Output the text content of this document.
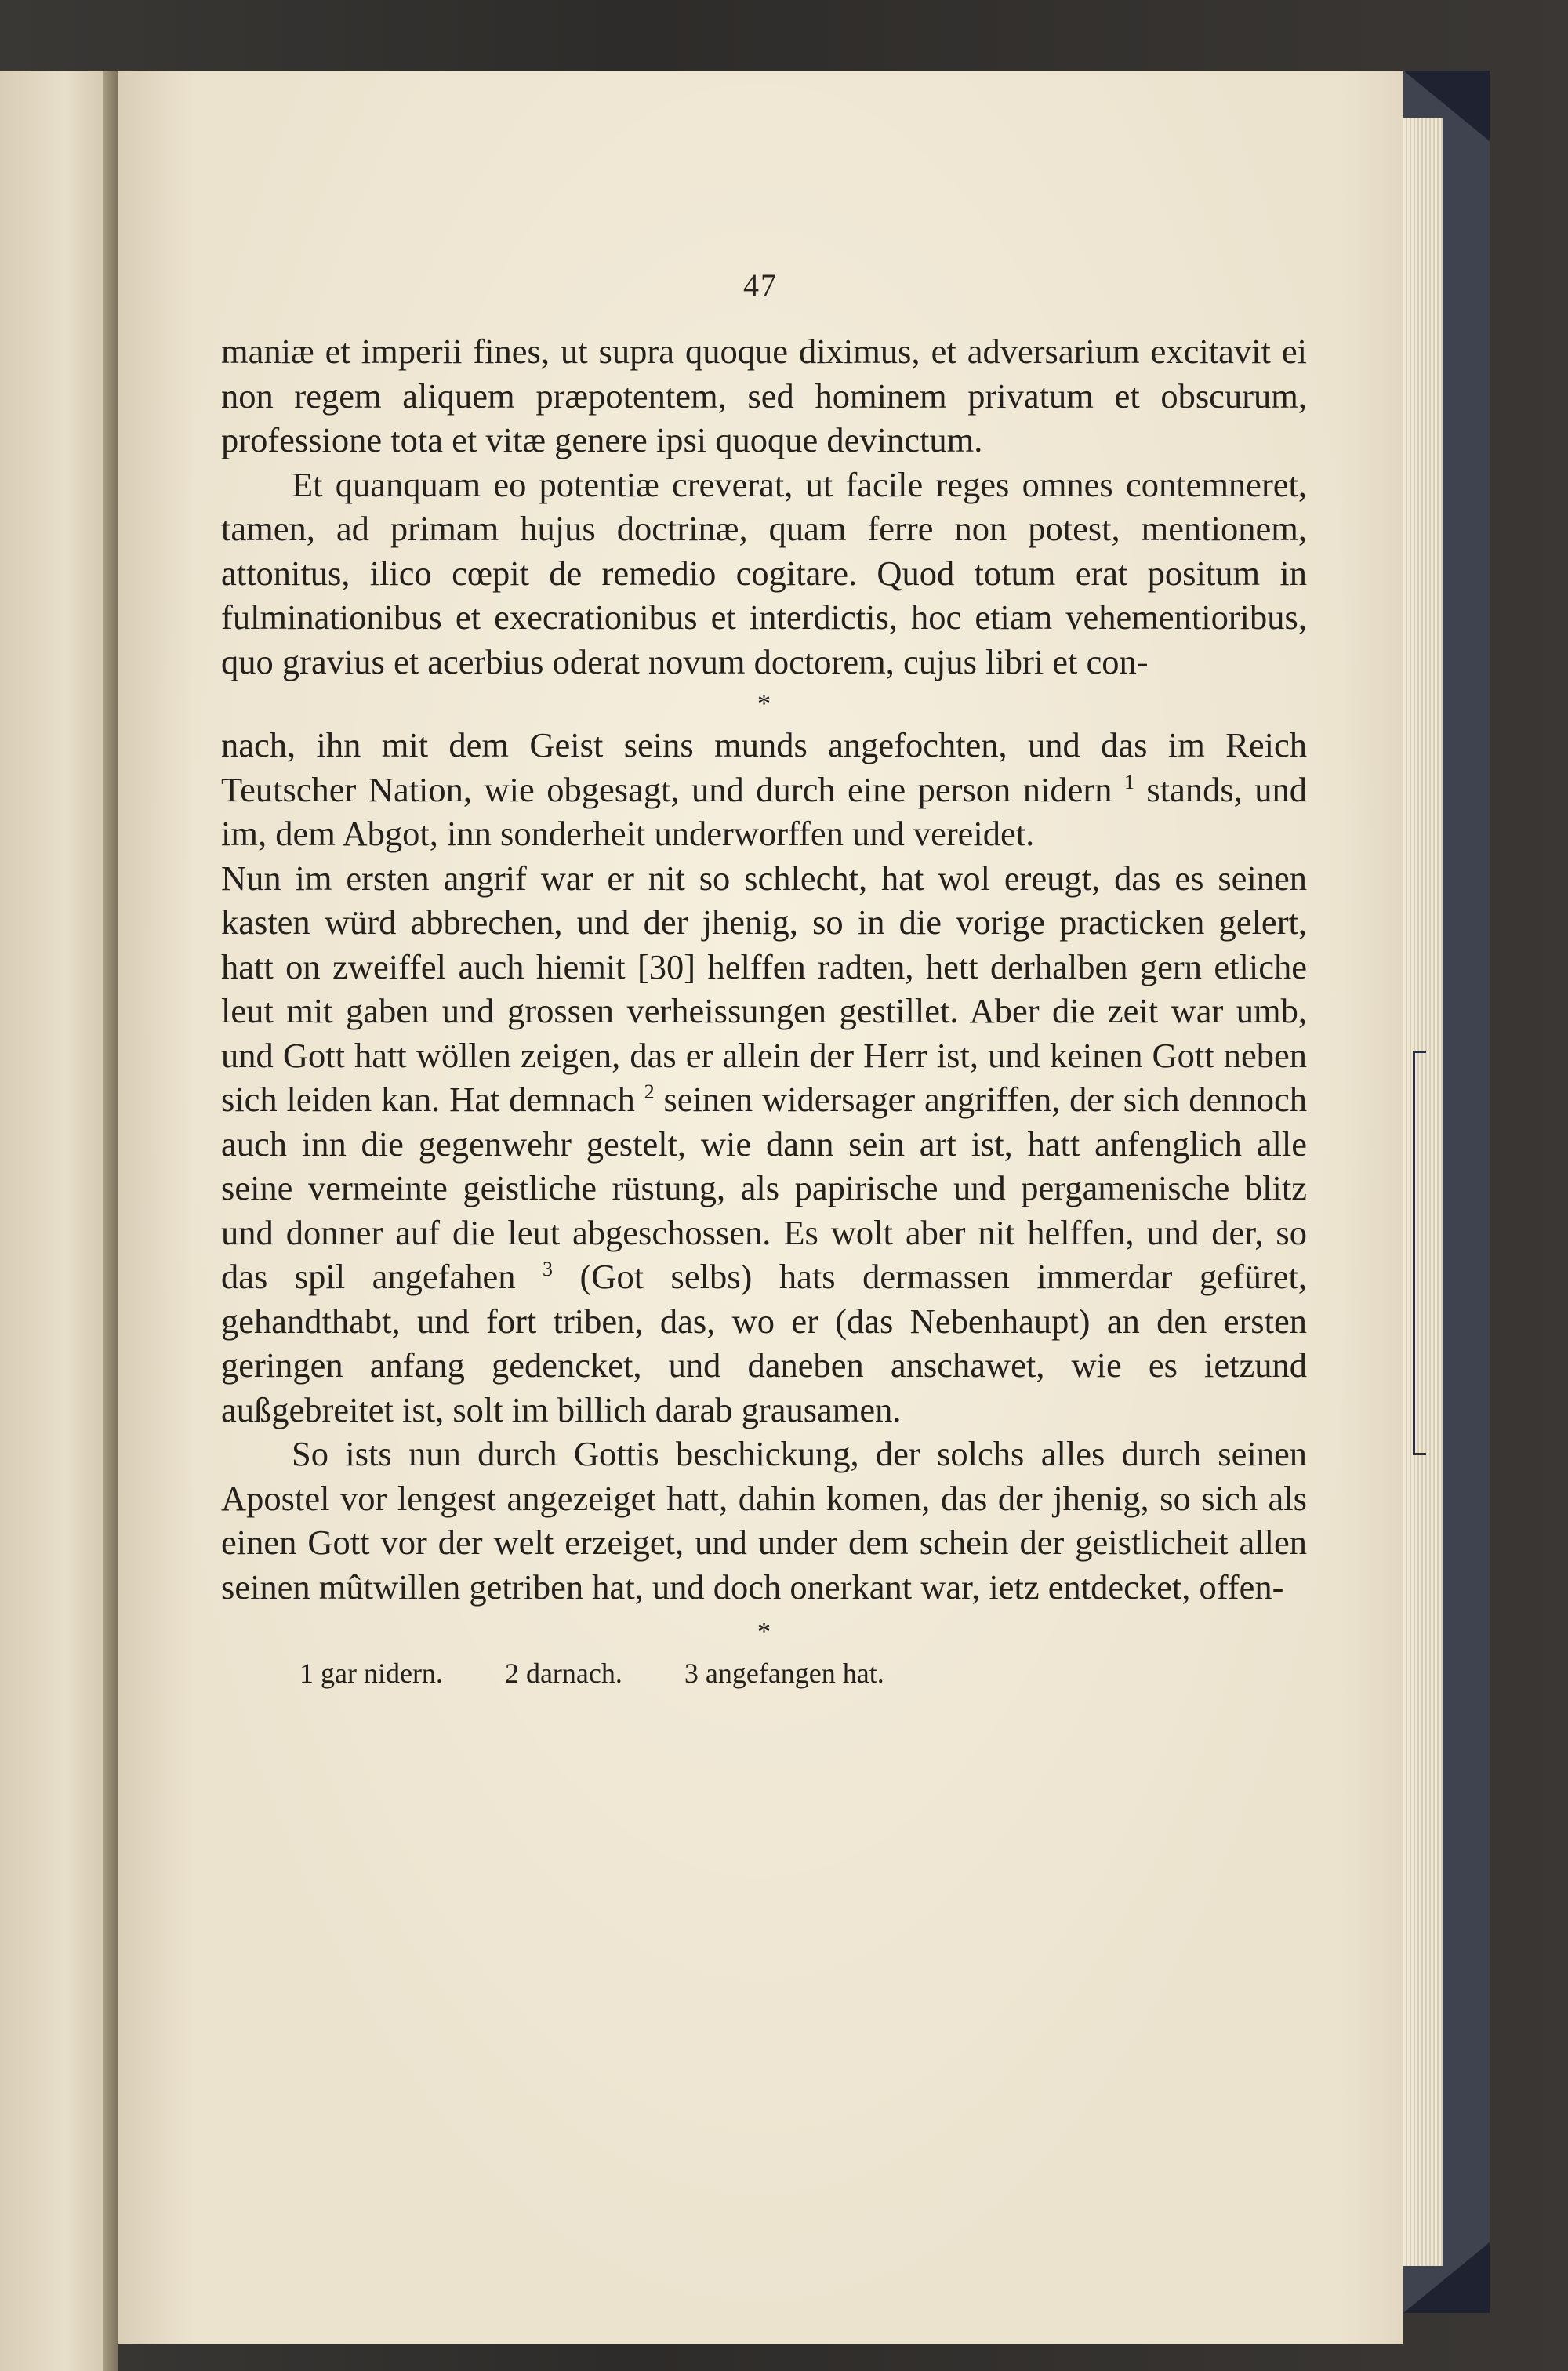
47

maniæ et imperii fines, ut supra quoque diximus, et adversarium excitavit ei non regem aliquem præpotentem, sed hominem privatum et obscurum, professione tota et vitæ genere ipsi quoque devinctum.

Et quanquam eo potentiæ creverat, ut facile reges omnes contemneret, tamen, ad primam hujus doctrinæ, quam ferre non potest, mentionem, attonitus, ilico cœpit de remedio cogitare. Quod totum erat positum in fulminationibus et execrationibus et interdictis, hoc etiam vehementioribus, quo gravius et acerbius oderat novum doctorem, cujus libri et con-

*

nach, ihn mit dem Geist seins munds angefochten, und das im Reich Teutscher Nation, wie obgesagt, und durch eine person nidern $^1$ stands, und im, dem Abgot, inn sonderheit underworffen und vereidet.

Nun im ersten angrif war er nit so schlecht, hat wol ereugt, das es seinen kasten würd abbrechen, und der jhenig, so in die vorige practicken gelert, hatt on zweiffel auch hiemit [30] helffen radten, hett derhalben gern etliche leut mit gaben und grossen verheissungen gestillet. Aber die zeit war umb, und Gott hatt wöllen zeigen, das er allein der Herr ist, und keinen Gott neben sich leiden kan. Hat demnach $^2$ seinen widersager angriffen, der sich dennoch auch inn die gegenwehr gestelt, wie dann sein art ist, hatt anfenglich alle seine vermeinte geistliche rüstung, als papirische und pergamenische blitz und donner auf die leut abgeschossen. Es wolt aber nit helffen, und der, so das spil angefahen $^3$ (Got selbs) hats dermassen immerdar gefüret, gehandthabt, und fort triben, das, wo er (das Nebenhaupt) an den ersten geringen anfang gedencket, und daneben anschawet, wie es ietzund außgebreitet ist, solt im billich darab grausamen.

So ists nun durch Gottis beschickung, der solchs alles durch seinen Apostel vor lengest angezeiget hatt, dahin komen, das der jhenig, so sich als einen Gott vor der welt erzeiget, und under dem schein der geistlicheit allen seinen mûtwillen getriben hat, und doch onerkant war, ietz entdecket, offen-

*
1 gar nidern. 2 darnach. 3 angefangen hat.
